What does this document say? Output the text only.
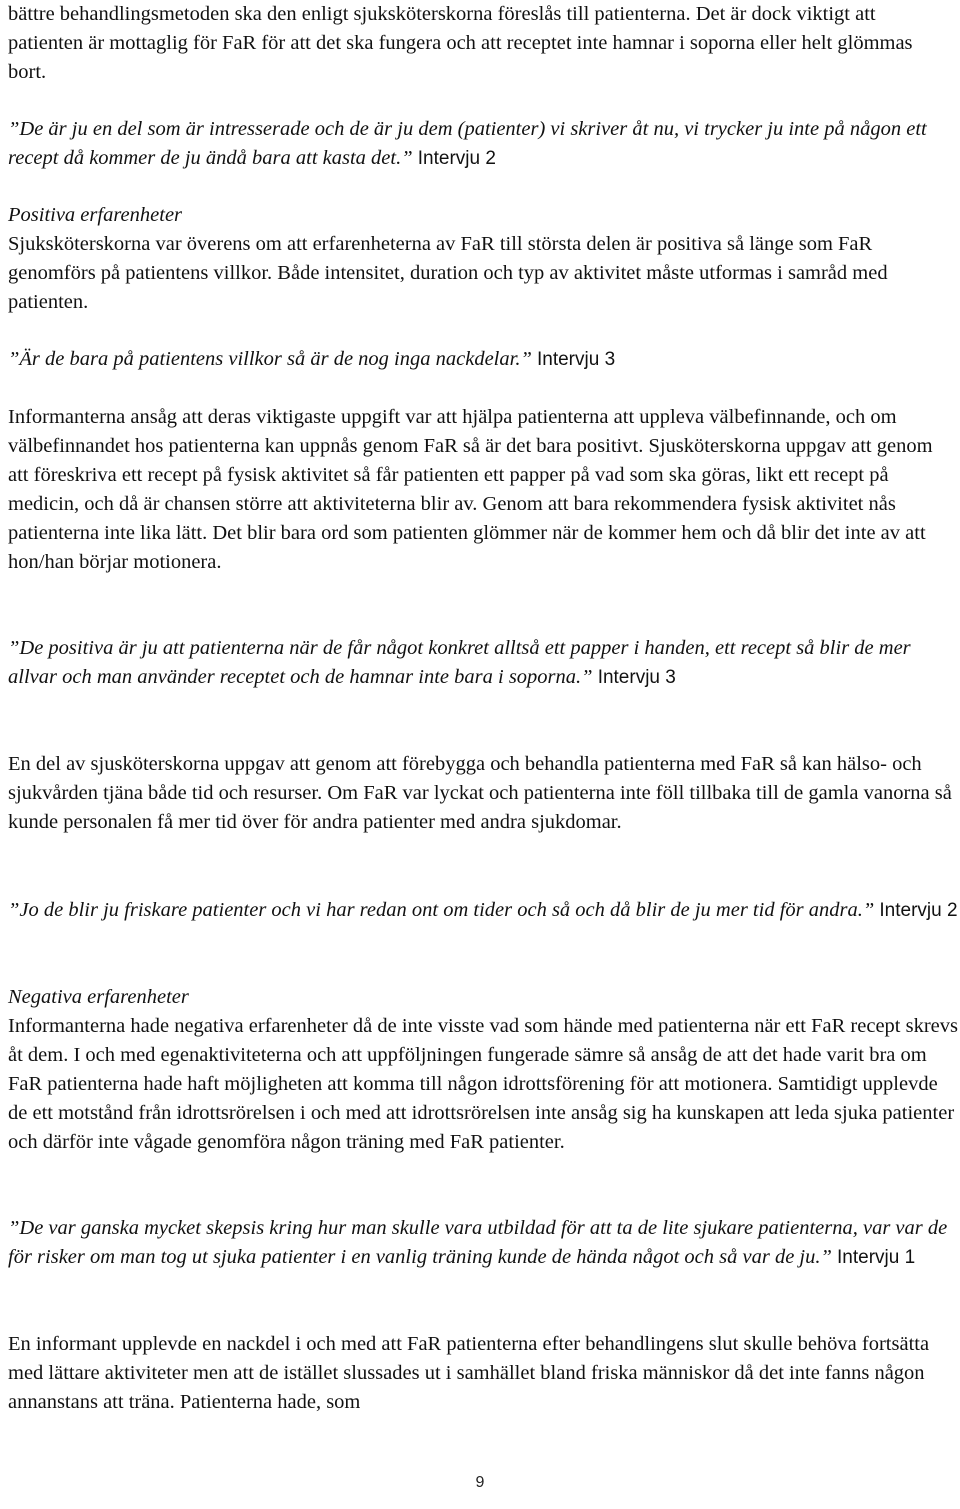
bättre behandlingsmetoden ska den enligt sjuksköterskorna föreslås till patienterna. Det är dock viktigt att patienten är mottaglig för FaR för att det ska fungera och att receptet inte hamnar i soporna eller helt glömmas bort.

”De är ju en del som är intresserade och de är ju dem (patienter) vi skriver åt nu, vi trycker ju inte på någon ett recept då kommer de ju ändå bara att kasta det.” Intervju 2

Positiva erfarenheter

Sjuksköterskorna var överens om att erfarenheterna av FaR till största delen är positiva så länge som FaR genomförs på patientens villkor. Både intensitet, duration och typ av aktivitet måste utformas i samråd med patienten.

”Är de bara på patientens villkor så är de nog inga nackdelar.” Intervju 3

Informanterna ansåg att deras viktigaste uppgift var att hjälpa patienterna att uppleva välbefinnande, och om välbefinnandet hos patienterna kan uppnås genom FaR så är det bara positivt. Sjusköterskorna uppgav att genom att föreskriva ett recept på fysisk aktivitet så får patienten ett papper på vad som ska göras, likt ett recept på medicin, och då är chansen större att aktiviteterna blir av. Genom att bara rekommendera fysisk aktivitet nås patienterna inte lika lätt. Det blir bara ord som patienten glömmer när de kommer hem och då blir det inte av att hon/han börjar motionera.

”De positiva är ju att patienterna när de får något konkret alltså ett papper i handen, ett recept så blir de mer allvar och man använder receptet och de hamnar inte bara i soporna.” Intervju 3

En del av sjusköterskorna uppgav att genom att förebygga och behandla patienterna med FaR så kan hälso- och sjukvården tjäna både tid och resurser. Om FaR var lyckat och patienterna inte föll tillbaka till de gamla vanorna så kunde personalen få mer tid över för andra patienter med andra sjukdomar.

”Jo de blir ju friskare patienter och vi har redan ont om tider och så och då blir de ju mer tid för andra.” Intervju 2

Negativa erfarenheter

Informanterna hade negativa erfarenheter då de inte visste vad som hände med patienterna när ett FaR recept skrevs åt dem. I och med egenaktiviteterna och att uppföljningen fungerade sämre så ansåg de att det hade varit bra om FaR patienterna hade haft möjligheten att komma till någon idrottsförening för att motionera. Samtidigt upplevde de ett motstånd från idrottsrörelsen i och med att idrottsrörelsen inte ansåg sig ha kunskapen att leda sjuka patienter och därför inte vågade genomföra någon träning med FaR patienter.

”De var ganska mycket skepsis kring hur man skulle vara utbildad för att ta de lite sjukare patienterna, var var de för risker om man tog ut sjuka patienter i en vanlig träning kunde de hända något och så var de ju.” Intervju 1

En informant upplevde en nackdel i och med att FaR patienterna efter behandlingens slut skulle behöva fortsätta med lättare aktiviteter men att de istället slussades ut i samhället bland friska människor då det inte fanns någon annanstans att träna. Patienterna hade, som

9
